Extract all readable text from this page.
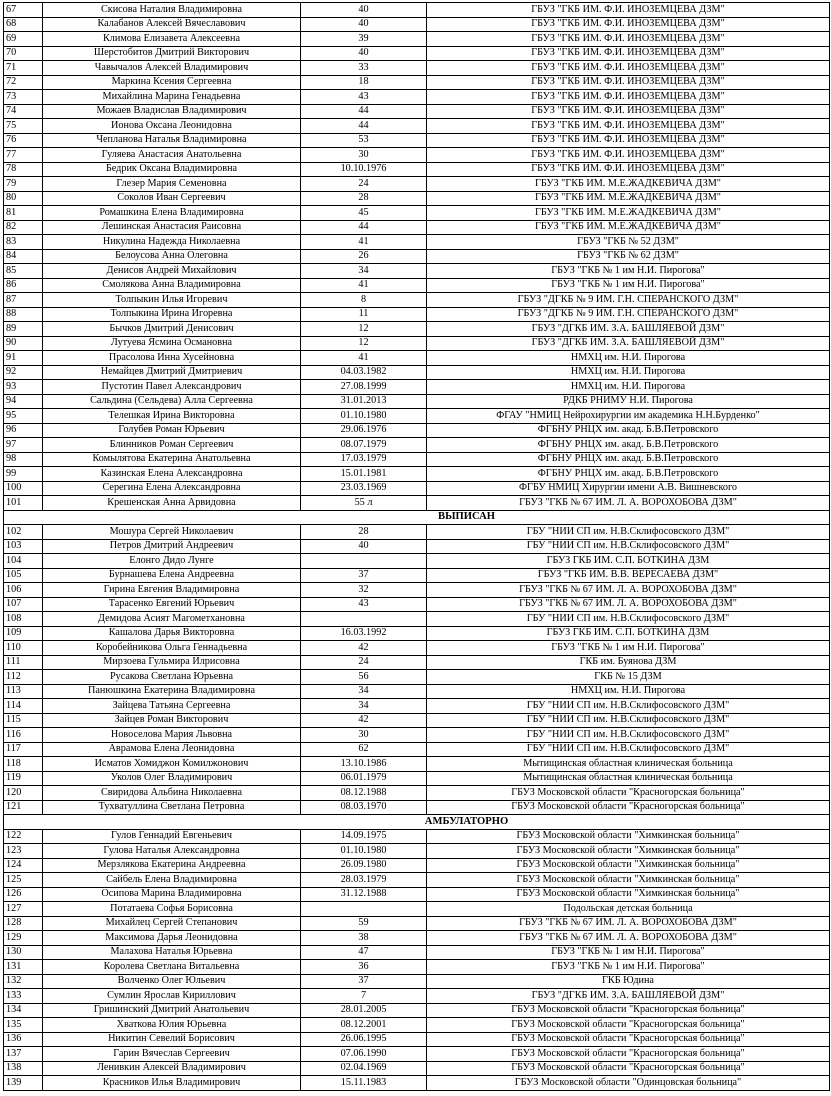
67	Скисова Наталия Владимировна	40	ГБУЗ "ГКБ ИМ. Ф.И. ИНОЗЕМЦЕВА ДЗМ"
68	Калабанов Алексей Вячеславович	40	ГБУЗ "ГКБ ИМ. Ф.И. ИНОЗЕМЦЕВА ДЗМ"
69	Климова Елизавета Алексеевна	39	ГБУЗ "ГКБ ИМ. Ф.И. ИНОЗЕМЦЕВА ДЗМ"
70	Шерстобитов Дмитрий Викторович	40	ГБУЗ "ГКБ ИМ. Ф.И. ИНОЗЕМЦЕВА ДЗМ"
71	Чавычалов Алексей Владимирович	33	ГБУЗ "ГКБ ИМ. Ф.И. ИНОЗЕМЦЕВА ДЗМ"
72	Маркина Ксения Сергеевна	18	ГБУЗ "ГКБ ИМ. Ф.И. ИНОЗЕМЦЕВА ДЗМ"
73	Михайлина Марина Генадьевна	43	ГБУЗ "ГКБ ИМ. Ф.И. ИНОЗЕМЦЕВА ДЗМ"
74	Можаев Владислав Владимирович	44	ГБУЗ "ГКБ ИМ. Ф.И. ИНОЗЕМЦЕВА ДЗМ"
75	Ионова Оксана Леонидовна	44	ГБУЗ "ГКБ ИМ. Ф.И. ИНОЗЕМЦЕВА ДЗМ"
76	Чепланова Наталья Владимировна	53	ГБУЗ "ГКБ ИМ. Ф.И. ИНОЗЕМЦЕВА ДЗМ"
77	Гуляева Анастасия Анатольевна	30	ГБУЗ "ГКБ ИМ. Ф.И. ИНОЗЕМЦЕВА ДЗМ"
78	Бедрик Оксана Владимировна	10.10.1976	ГБУЗ "ГКБ ИМ. Ф.И. ИНОЗЕМЦЕВА ДЗМ"
79	Глезер Мария Семеновна	24	ГБУЗ "ГКБ ИМ. М.Е.ЖАДКЕВИЧА ДЗМ"
80	Соколов Иван Сергеевич	28	ГБУЗ "ГКБ ИМ. М.Е.ЖАДКЕВИЧА ДЗМ"
81	Ромашкина Елена Владимировна	45	ГБУЗ "ГКБ ИМ. М.Е.ЖАДКЕВИЧА ДЗМ"
82	Лешинская Анастасия Раисовна	44	ГБУЗ "ГКБ ИМ. М.Е.ЖАДКЕВИЧА ДЗМ"
83	Никулина Надежда Николаевна	41	ГБУЗ "ГКБ № 52 ДЗМ"
84	Белоусова Анна Олеговна	26	ГБУЗ "ГКБ № 62 ДЗМ"
85	Денисов Андрей Михайлович	34	ГБУЗ "ГКБ № 1 им Н.И. Пирогова"
86	Смолякова Анна Владимировна	41	ГБУЗ "ГКБ № 1 им Н.И. Пирогова"
87	Толпыкин Илья Игоревич	8	ГБУЗ "ДГКБ № 9 ИМ. Г.Н. СПЕРАНСКОГО ДЗМ"
88	Толпыкина Ирина Игоревна	11	ГБУЗ "ДГКБ № 9 ИМ. Г.Н. СПЕРАНСКОГО ДЗМ"
89	Бычков Дмитрий Денисович	12	ГБУЗ "ДГКБ ИМ. З.А. БАШЛЯЕВОЙ ДЗМ"
90	Лутуева Ясмина Османовна	12	ГБУЗ "ДГКБ ИМ. З.А. БАШЛЯЕВОЙ ДЗМ"
91	Прасолова Инна Хусейновна	41	НМХЦ им. Н.И. Пирогова
92	Немайцев Дмитрий Дмитриевич	04.03.1982	НМХЦ им. Н.И. Пирогова
93	Пустотин Павел Александрович	27.08.1999	НМХЦ им. Н.И. Пирогова
94	Сальдина (Сельдева) Алла Сергеевна	31.01.2013	РДКБ РНИМУ Н.И. Пирогова
95	Телешкая Ирина Викторовна	01.10.1980	ФГАУ "НМИЦ Нейрохирургии им академика Н.Н.Бурденко"
96	Голубев Роман Юрьевич	29.06.1976	ФГБНУ РНЦХ им. акад. Б.В.Петровского
97	Блинников Роман Сергеевич	08.07.1979	ФГБНУ РНЦХ им. акад. Б.В.Петровского
98	Комылятова Екатерина Анатольевна	17.03.1979	ФГБНУ РНЦХ им. акад. Б.В.Петровского
99	Казинская Елена Александровна	15.01.1981	ФГБНУ РНЦХ им. акад. Б.В.Петровского
100	Серегина Елена Александровна	23.03.1969	ФГБУ НМИЦ Хирургии имени А.В. Вишневского
101	Крешенская Анна Арвидовна	55 л	ГБУЗ "ГКБ № 67 ИМ. Л. А. ВОРОХОБОВА ДЗМ"
ВЫПИСАН			
102	Мошура Сергей Николаевич	28	ГБУ "НИИ СП им. Н.В.Склифосовского ДЗМ"
103	Петров Дмитрий Андреевич	40	ГБУ "НИИ СП им. Н.В.Склифосовского ДЗМ"
104	Елонго Дидо Лунге		ГБУЗ ГКБ ИМ. С.П. БОТКИНА ДЗМ
105	Бурнашева Елена Андреевна	37	ГБУЗ "ГКБ ИМ. В.В. ВЕРЕСАЕВА ДЗМ"
106	Гирина Евгения Владимировна	32	ГБУЗ "ГКБ № 67 ИМ. Л. А. ВОРОХОБОВА ДЗМ"
107	Тарасенко Евгений Юрьевич	43	ГБУЗ "ГКБ № 67 ИМ. Л. А. ВОРОХОБОВА ДЗМ"
108	Демидова Асият Магометхановна		ГБУ "НИИ СП им. Н.В.Склифосовского ДЗМ"
109	Кашалова Дарья Викторовна	16.03.1992	ГБУЗ ГКБ ИМ. С.П. БОТКИНА ДЗМ
110	Коробейникова Ольга Геннадьевна	42	ГБУЗ "ГКБ № 1 им Н.И. Пирогова"
111	Мирзоева Гульмира Илрисовна	24	ГКБ им. Буянова ДЗМ
112	Русакова Светлана Юрьевна	56	ГКБ № 15 ДЗМ
113	Панюшкина Екатерина Владимировна	34	НМХЦ им. Н.И. Пирогова
114	Зайцева Татьяна Сергеевна	34	ГБУ "НИИ СП им. Н.В.Склифосовского ДЗМ"
115	Зайцев Роман Викторович	42	ГБУ "НИИ СП им. Н.В.Склифосовского ДЗМ"
116	Новоселова Мария Львовна	30	ГБУ "НИИ СП им. Н.В.Склифосовского ДЗМ"
117	Аврамова Елена Леонидовна	62	ГБУ "НИИ СП им. Н.В.Склифосовского ДЗМ"
118	Исматов Хомиджон Комилжонович	13.10.1986	Мытищинская областная клиническая больница
119	Уколов Олег Владимирович	06.01.1979	Мытищинская областная клиническая больница
120	Свиридова Альбина Николаевна	08.12.1988	ГБУЗ Московской области "Красногорская больница"
121	Тухватуллина Светлана Петровна	08.03.1970	ГБУЗ Московской области "Красногорская больница"
АМБУЛАТОРНО			
122	Гулов Геннадий Евгеньевич	14.09.1975	ГБУЗ Московской области "Химкинская больница"
123	Гулова Наталья Александровна	01.10.1980	ГБУЗ Московской области "Химкинская больница"
124	Мерзлякова Екатерина Андреевна	26.09.1980	ГБУЗ Московской области "Химкинская больница"
125	Сайбель Елена Владимировна	28.03.1979	ГБУЗ Московской области "Химкинская больница"
126	Осипова Марина Владимировна	31.12.1988	ГБУЗ Московской области "Химкинская больница"
127	Потатаева Софья Борисовна		Подольская детская больница
128	Михайлец Сергей Степанович	59	ГБУЗ "ГКБ № 67 ИМ. Л. А. ВОРОХОБОВА ДЗМ"
129	Максимова Дарья Леонидовна	38	ГБУЗ "ГКБ № 67 ИМ. Л. А. ВОРОХОБОВА ДЗМ"
130	Малахова Наталья Юрьевна	47	ГБУЗ "ГКБ № 1 им Н.И. Пирогова"
131	Королева Светлана Витальевна	36	ГБУЗ "ГКБ № 1 им Н.И. Пирогова"
132	Волченко Олег Юльевич	37	ГКБ Юдина
133	Сумлин Ярослав Кириллович	7	ГБУЗ "ДГКБ ИМ. З.А. БАШЛЯЕВОЙ ДЗМ"
134	Гришинский Дмитрий Анатольевич	28.01.2005	ГБУЗ Московской области "Красногорская больница"
135	Хваткова Юлия Юрьевна	08.12.2001	ГБУЗ Московской области "Красногорская больница"
136	Никитин Севелий Борисович	26.06.1995	ГБУЗ Московской области "Красногорская больница"
137	Гарин Вячеслав Сергеевич	07.06.1990	ГБУЗ Московской области "Красногорская больница"
138	Ленивкин Алексей Владимирович	02.04.1969	ГБУЗ Московской области "Красногорская больница"
139	Красников Илья Владимирович	15.11.1983	ГБУЗ Московской области "Одинцовская больница"
